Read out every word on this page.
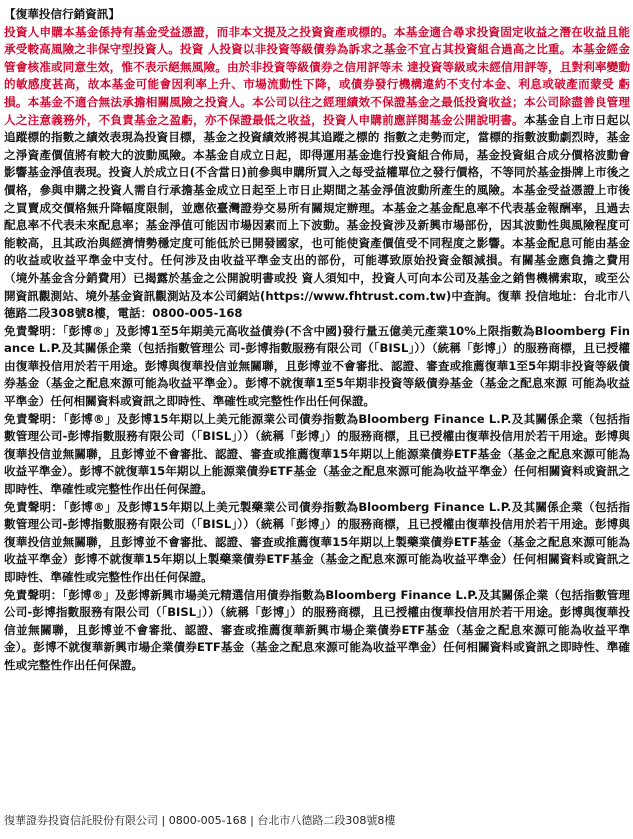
【復華投信行銷資訊】

投資人申購本基金係持有基金受益憑證，而非本文提及之投資資產或標的。本基金適合尋求投資固定收益之潛在收益且能承受較高風險之非保守型投資人。投資 人投資以非投資等級債券為訴求之基金不宜占其投資組合過高之比重。本基金經金管會核准或同意生效，惟不表示絕無風險。由於非投資等級債券之信用評等未 達投資等級或未經信用評等，且對利率變動的敏感度甚高，故本基金可能會因利率上升、市場流動性下降，或債券發行機構違約不支付本金、利息或破產而蒙受 虧損。本基金不適合無法承擔相關風險之投資人。本公司以往之經理績效不保證基金之最低投資收益；本公司除盡善良管理人之注意義務外，不負責基金之盈虧，亦不保證最低之收益，投資人申購前應詳閱基金公開說明書。本基金自上市日起以追蹤標的指數之績效表現為投資目標，基金之投資績效將視其追蹤之標的 指數之走勢而定，當標的指數波動劇烈時，基金之淨資產價值將有較大的波動風險。本基金自成立日起，即得運用基金進行投資組合佈局，基金投資組合成分價格波動會影響基金淨值表現。投資人於成立日(不含當日)前參與申購所買入之每受益權單位之發行價格，不等同於基金掛牌上市後之價格，參與申購之投資人需自行承擔基金成立日起至上市日止期間之基金淨值波動所產生的風險。本基金受益憑證上市後之買賣成交價格無升降幅度限制，並應依臺灣證券交易所有關規定辦理。本基金之基金配息率不代表基金報酬率，且過去配息率不代表未來配息率；基金淨值可能因市場因素而上下波動。基金投資涉及新興市場部份，因其波動性與風險程度可能較高，且其政治與經濟情勢穩定度可能低於已開發國家，也可能使資產價值受不同程度之影響。本基金配息可能由基金的收益或收益平準金中支付。任何涉及由收益平準金支出的部份，可能導致原始投資金額減損。有關基金應負擔之費用（境外基金含分銷費用）已揭露於基金之公開說明書或投 資人須知中，投資人可向本公司及基金之銷售機構索取，或至公開資訊觀測站、境外基金資訊觀測站及本公司網站(https://www.fhtrust.com.tw)中查詢。復華 投信地址：台北市八德路二段308號8樓，電話：0800-005-168

免責聲明：「彭博®」及彭博1至5年期美元高收益債券(不含中國)發行量五億美元產業10%上限指數為Bloomberg Finance L.P.及其關係企業（包括指數管理公 司-彭博指數服務有限公司（「BISL」））（統稱「彭博」）的服務商標，且已授權由復華投信用於若干用途。彭博與復華投信並無關聯，且彭博並不會審批、認證、審查或推薦復華1至5年期非投資等級債券基金（基金之配息來源可能為收益平準金）。彭博不就復華1至5年期非投資等級債券基金（基金之配息來源 可能為收益平準金）任何相關資料或資訊之即時性、準確性或完整性作出任何保證。

免責聲明：「彭博®」及彭博15年期以上美元能源業公司債券指數為Bloomberg Finance L.P.及其關係企業（包括指數管理公司-彭博指數服務有限公司（「BISL」））（統稱「彭博」）的服務商標，且已授權由復華投信用於若干用途。彭博與復華投信並無關聯，且彭博並不會審批、認證、審查或推薦復華15年期以上能源業債券ETF基金（基金之配息來源可能為收益平準金）。彭博不就復華15年期以上能源業債券ETF基金（基金之配息來源可能為收益平準金）任何相關資料或資訊之即時性、準確性或完整性作出任何保證。

免責聲明：「彭博®」及彭博15年期以上美元製藥業公司債券指數為Bloomberg Finance L.P.及其關係企業（包括指數管理公司-彭博指數服務有限公司（「BISL」））（統稱「彭博」）的服務商標，且已授權由復華投信用於若干用途。彭博與復華投信並無關聯，且彭博並不會審批、認證、審查或推薦復華15年期以上製藥業債券ETF基金（基金之配息來源可能為收益平準金）彭博不就復華15年期以上製藥業債券ETF基金（基金之配息來源可能為收益平準金）任何相關資料或資訊之即時性、準確性或完整性作出任何保證。

免責聲明：「彭博®」及彭博新興市場美元精選信用債券指數為Bloomberg Finance L.P.及其關係企業（包括指數管理公司-彭博指數服務有限公司（「BISL」））（統稱「彭博」）的服務商標，且已授權由復華投信用於若干用途。彭博與復華投信並無關聯，且彭博並不會審批、認證、審查或推薦復華新興市場企業債券ETF基金（基金之配息來源可能為收益平準金）。彭博不就復華新興市場企業債券ETF基金（基金之配息來源可能為收益平準金）任何相關資料或資訊之即時性、準確性或完整性作出任何保證。

復華證券投資信託股份有限公司 | 0800-005-168 | 台北市八德路二段308號8樓
